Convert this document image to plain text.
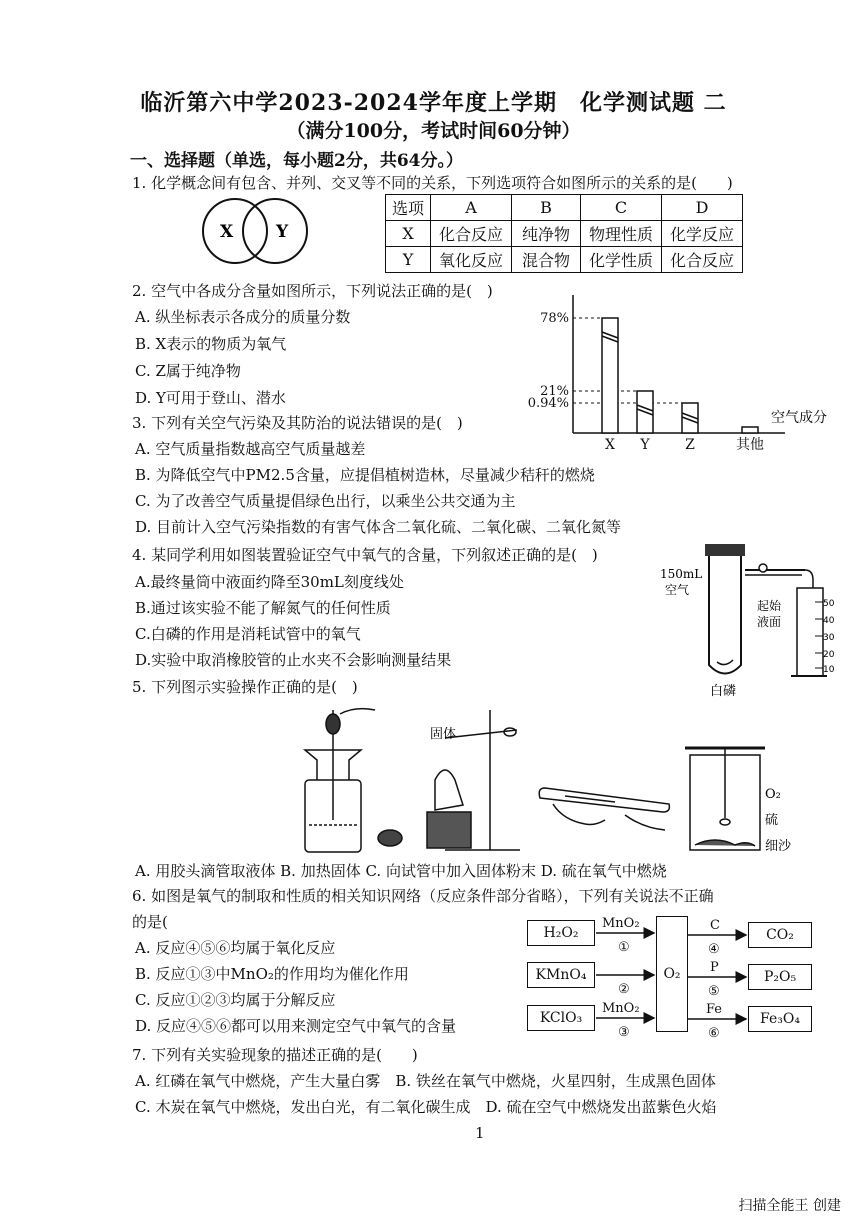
临沂第六中学2023-2024学年度上学期　化学测试题 二
（满分100分，考试时间60分钟）
一、选择题（单选，每小题2分，共64分。）
1. 化学概念间有包含、并列、交叉等不同的关系，下列选项符合如图所示的关系的是(　　)
X	Y
选项	A	B	C	D
X	化合反应	纯净物	物理性质	化学反应
Y	氧化反应	混合物	化学性质	化合反应
2. 空气中各成分含量如图所示，下列说法正确的是(　)
A. 纵坐标表示各成分的质量分数
B. X表示的物质为氧气
C. Z属于纯净物
D. Y可用于登山、潜水
78%
21%
0.94%
X Y	Z	其他
空气成分
3. 下列有关空气污染及其防治的说法错误的是(　)
A. 空气质量指数越高空气质量越差
B. 为降低空气中PM2.5含量，应提倡植树造林，尽量减少秸秆的燃烧
C. 为了改善空气质量提倡绿色出行，以乘坐公共交通为主
D. 目前计入空气污染指数的有害气体含二氧化硫、二氧化碳、二氧化氮等
4. 某同学利用如图装置验证空气中氧气的含量，下列叙述正确的是(　)
A.最终量筒中液面约降至30mL刻度线处
B.通过该实验不能了解氮气的任何性质
C.白磷的作用是消耗试管中的氧气
D.实验中取消橡胶管的止水夹不会影响测量结果
50
40
30
20
10
150mL
空气
起始
液面
白磷
5. 下列图示实验操作正确的是(　)
固体
O₂
硫
细沙
A. 用胶头滴管取液体 B. 加热固体 C. 向试管中加入固体粉末 D. 硫在氧气中燃烧
6. 如图是氧气的制取和性质的相关知识网络（反应条件部分省略），下列有关说法不正确
的是(
A. 反应④⑤⑥均属于氧化反应
B. 反应①③中MnO₂的作用均为催化作用
C. 反应①②③均属于分解反应
D. 反应④⑤⑥都可以用来测定空气中氧气的含量
H₂O₂
KMnO₄
KClO₃
O₂
CO₂
P₂O₅
Fe₃O₄
MnO₂
MnO₂
①
②
③
C
P
Fe
④
⑤
⑥
7. 下列有关实验现象的描述正确的是(　　)
A. 红磷在氧气中燃烧，产生大量白雾　B. 铁丝在氧气中燃烧，火星四射，生成黑色固体
C. 木炭在氧气中燃烧，发出白光，有二氧化碳生成　D. 硫在空气中燃烧发出蓝紫色火焰
1
扫描全能王 创建
